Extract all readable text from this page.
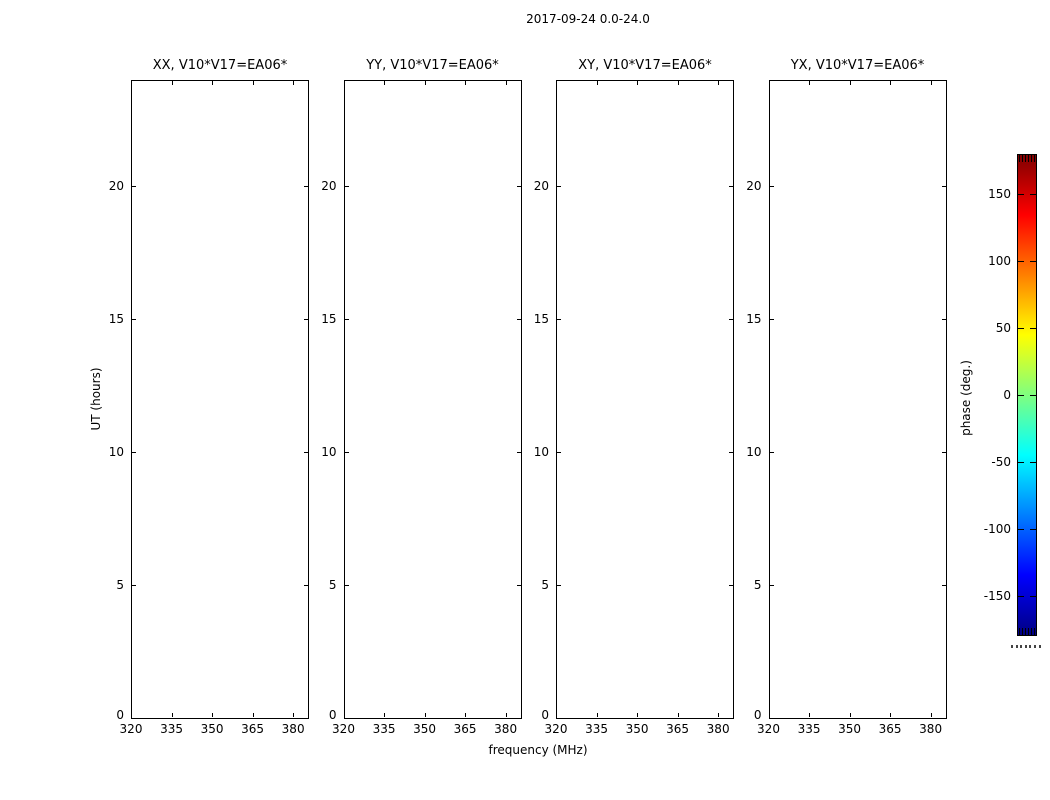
2017-09-24 0.0-24.0
frequency (MHz)
UT (hours)	phase (deg.)
XX, V10*V17=EA06*
320	335	350	365	380
0
5
10
15
20
YY, V10*V17=EA06*
320	335	350	365	380
0
5
10
15
20
XY, V10*V17=EA06*
320	335	350	365	380
0
5
10
15
20
YX, V10*V17=EA06*
320	335	350	365	380
0
5
10
15
20
150
100
50
0
-50
-100
-150
